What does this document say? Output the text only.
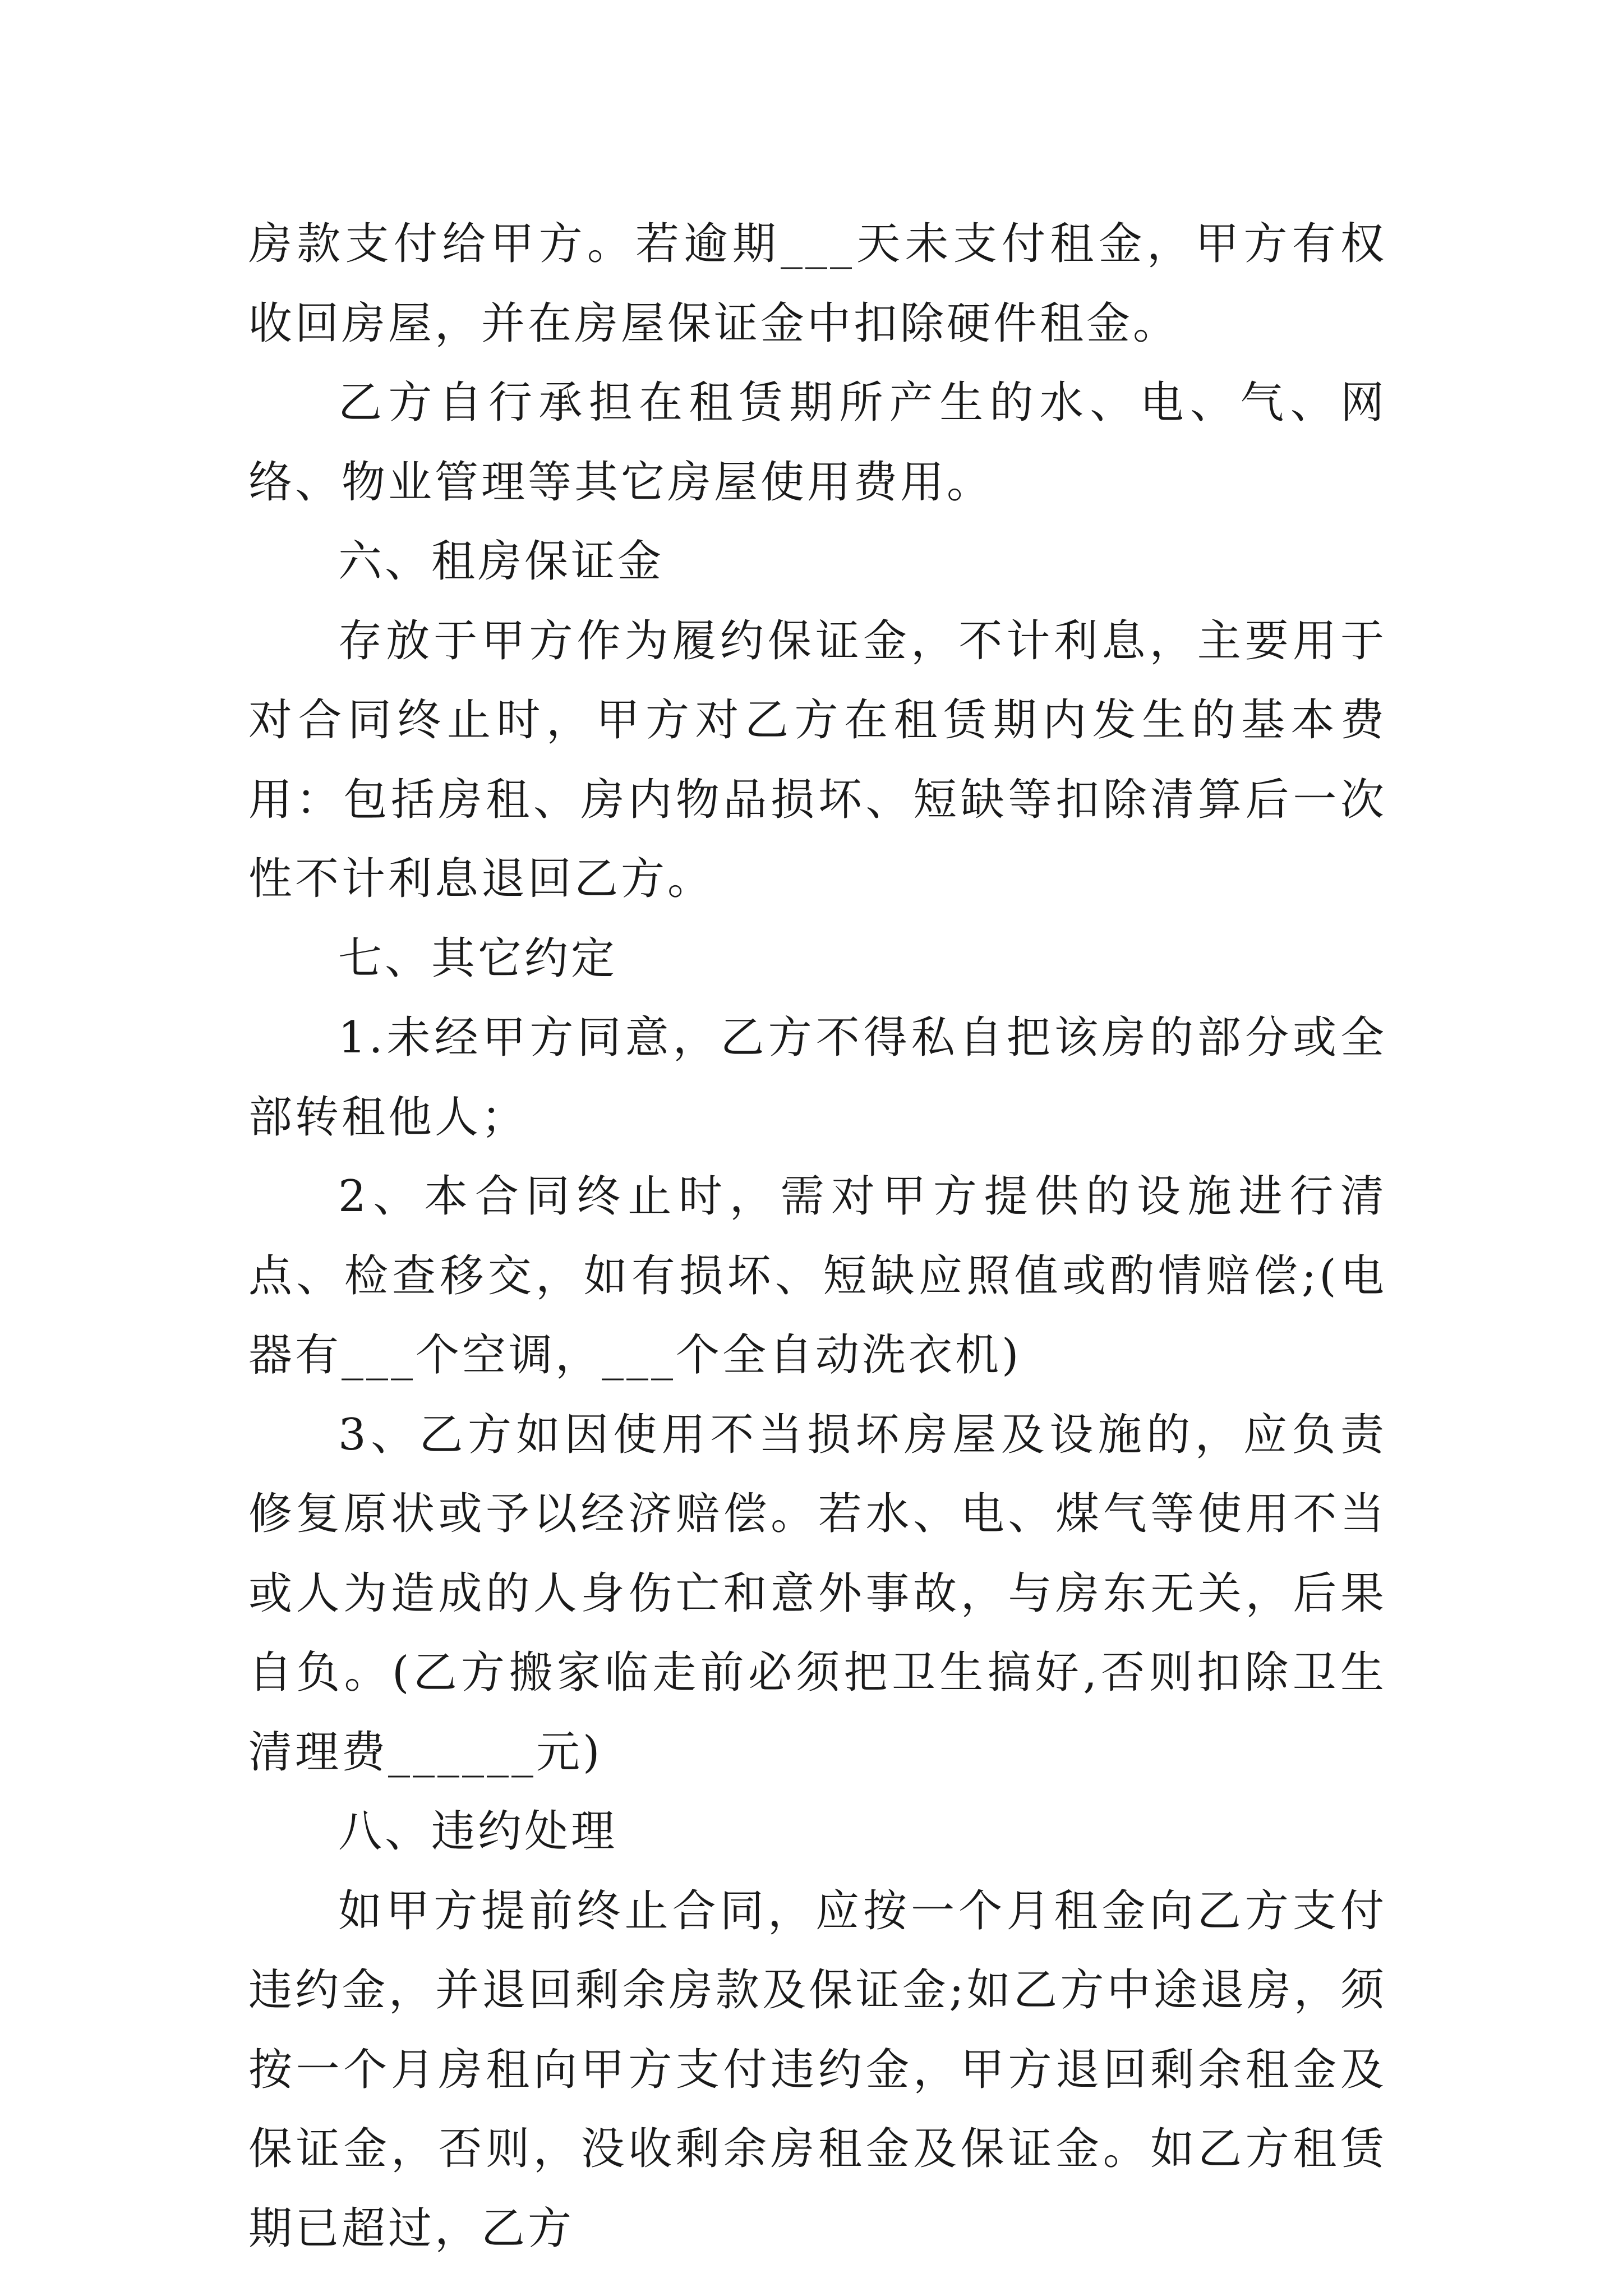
房款支付给甲方。若逾期___天未支付租金，甲方有权收回房屋，并在房屋保证金中扣除硬件租金。

乙方自行承担在租赁期所产生的水、电、气、网络、物业管理等其它房屋使用费用。

六、租房保证金

存放于甲方作为履约保证金，不计利息，主要用于对合同终止时，甲方对乙方在租赁期内发生的基本费用：包括房租、房内物品损坏、短缺等扣除清算后一次性不计利息退回乙方。

七、其它约定

1.未经甲方同意，乙方不得私自把该房的部分或全部转租他人；

2、本合同终止时，需对甲方提供的设施进行清点、检查移交，如有损坏、短缺应照值或酌情赔偿;(电器有___个空调，___个全自动洗衣机)

3、乙方如因使用不当损坏房屋及设施的，应负责修复原状或予以经济赔偿。若水、电、煤气等使用不当或人为造成的人身伤亡和意外事故，与房东无关，后果自负。(乙方搬家临走前必须把卫生搞好,否则扣除卫生清理费______元)

八、违约处理

如甲方提前终止合同，应按一个月租金向乙方支付违约金，并退回剩余房款及保证金;如乙方中途退房，须按一个月房租向甲方支付违约金，甲方退回剩余租金及保证金，否则，没收剩余房租金及保证金。如乙方租赁期已超过，乙方
